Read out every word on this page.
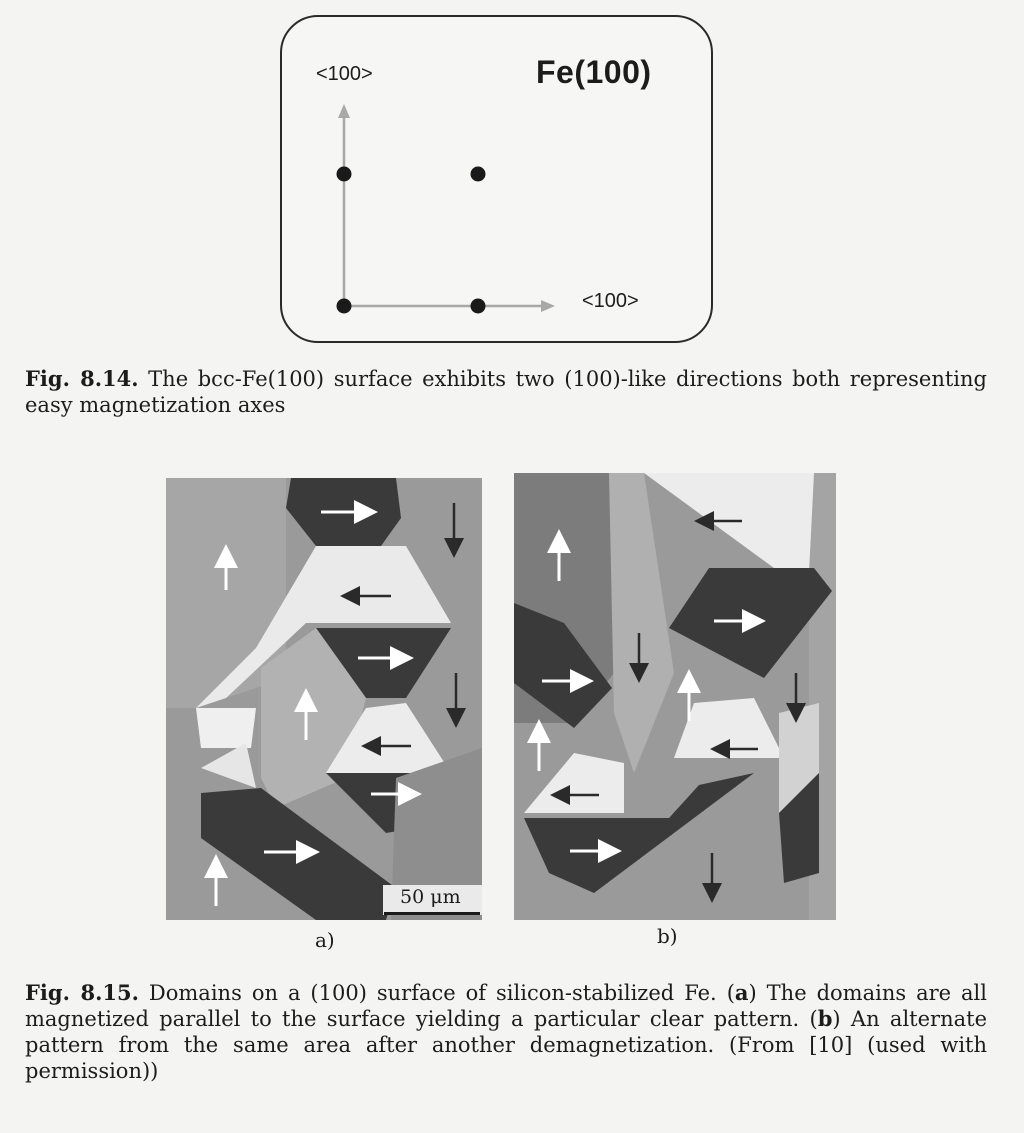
Fe(100)
<100>
<100>
Fig. 8.14. The bcc-Fe(100) surface exhibits two (100)-like directions both representing easy magnetization axes
50 μm
a)	b)
Fig. 8.15. Domains on a (100) surface of silicon-stabilized Fe. (a) The domains are all magnetized parallel to the surface yielding a particular clear pattern. (b) An alternate pattern from the same area after another demagnetization. (From [10] (used with permission))
